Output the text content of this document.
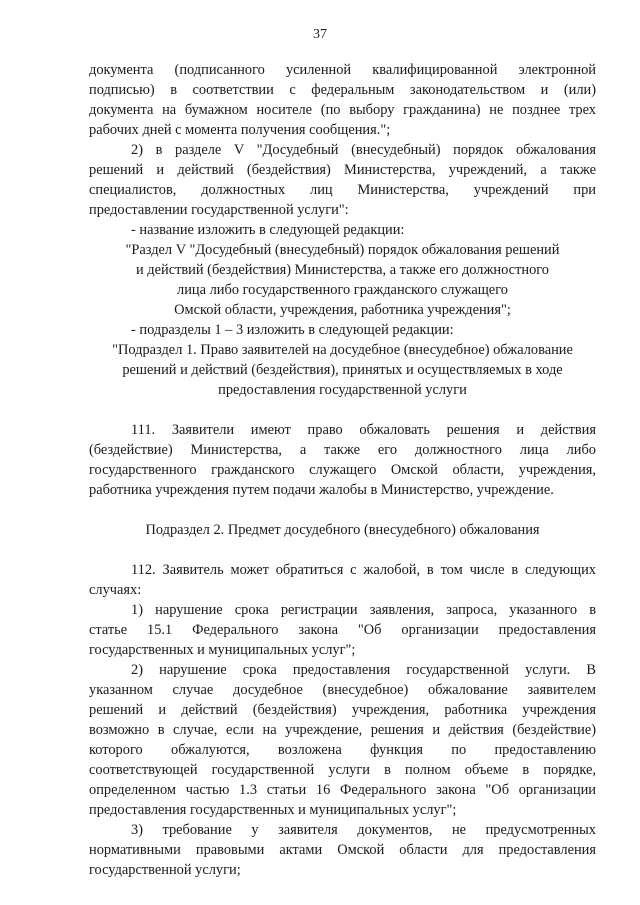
37
документа (подписанного усиленной квалифицированной электронной
подписью) в соответствии с федеральным законодательством и (или)
документа на бумажном носителе (по выбору гражданина) не позднее трех
рабочих дней с момента получения сообщения.";
2) в разделе V "Досудебный (внесудебный) порядок обжалования
решений и действий (бездействия) Министерства, учреждений, а также
специалистов, должностных лиц Министерства, учреждений при
предоставлении государственной услуги":
- название изложить в следующей редакции:
"Раздел V "Досудебный (внесудебный) порядок обжалования решений
и действий (бездействия) Министерства, а также его должностного
лица либо государственного гражданского служащего
Омской области, учреждения, работника учреждения";
- подразделы 1 – 3 изложить в следующей редакции:
"Подраздел 1. Право заявителей на досудебное (внесудебное) обжалование
решений и действий (бездействия), принятых и осуществляемых в ходе
предоставления государственной услуги
111. Заявители имеют право обжаловать решения и действия
(бездействие) Министерства, а также его должностного лица либо
государственного гражданского служащего Омской области, учреждения,
работника учреждения путем подачи жалобы в Министерство, учреждение.
Подраздел 2. Предмет досудебного (внесудебного) обжалования
112. Заявитель может обратиться с жалобой, в том числе в следующих
случаях:
1) нарушение срока регистрации заявления, запроса, указанного в
статье 15.1 Федерального закона "Об организации предоставления
государственных и муниципальных услуг";
2) нарушение срока предоставления государственной услуги. В
указанном случае досудебное (внесудебное) обжалование заявителем
решений и действий (бездействия) учреждения, работника учреждения
возможно в случае, если на учреждение, решения и действия (бездействие)
которого обжалуются, возложена функция по предоставлению
соответствующей государственной услуги в полном объеме в порядке,
определенном частью 1.3 статьи 16 Федерального закона "Об организации
предоставления государственных и муниципальных услуг";
3) требование у заявителя документов, не предусмотренных
нормативными правовыми актами Омской области для предоставления
государственной услуги;
